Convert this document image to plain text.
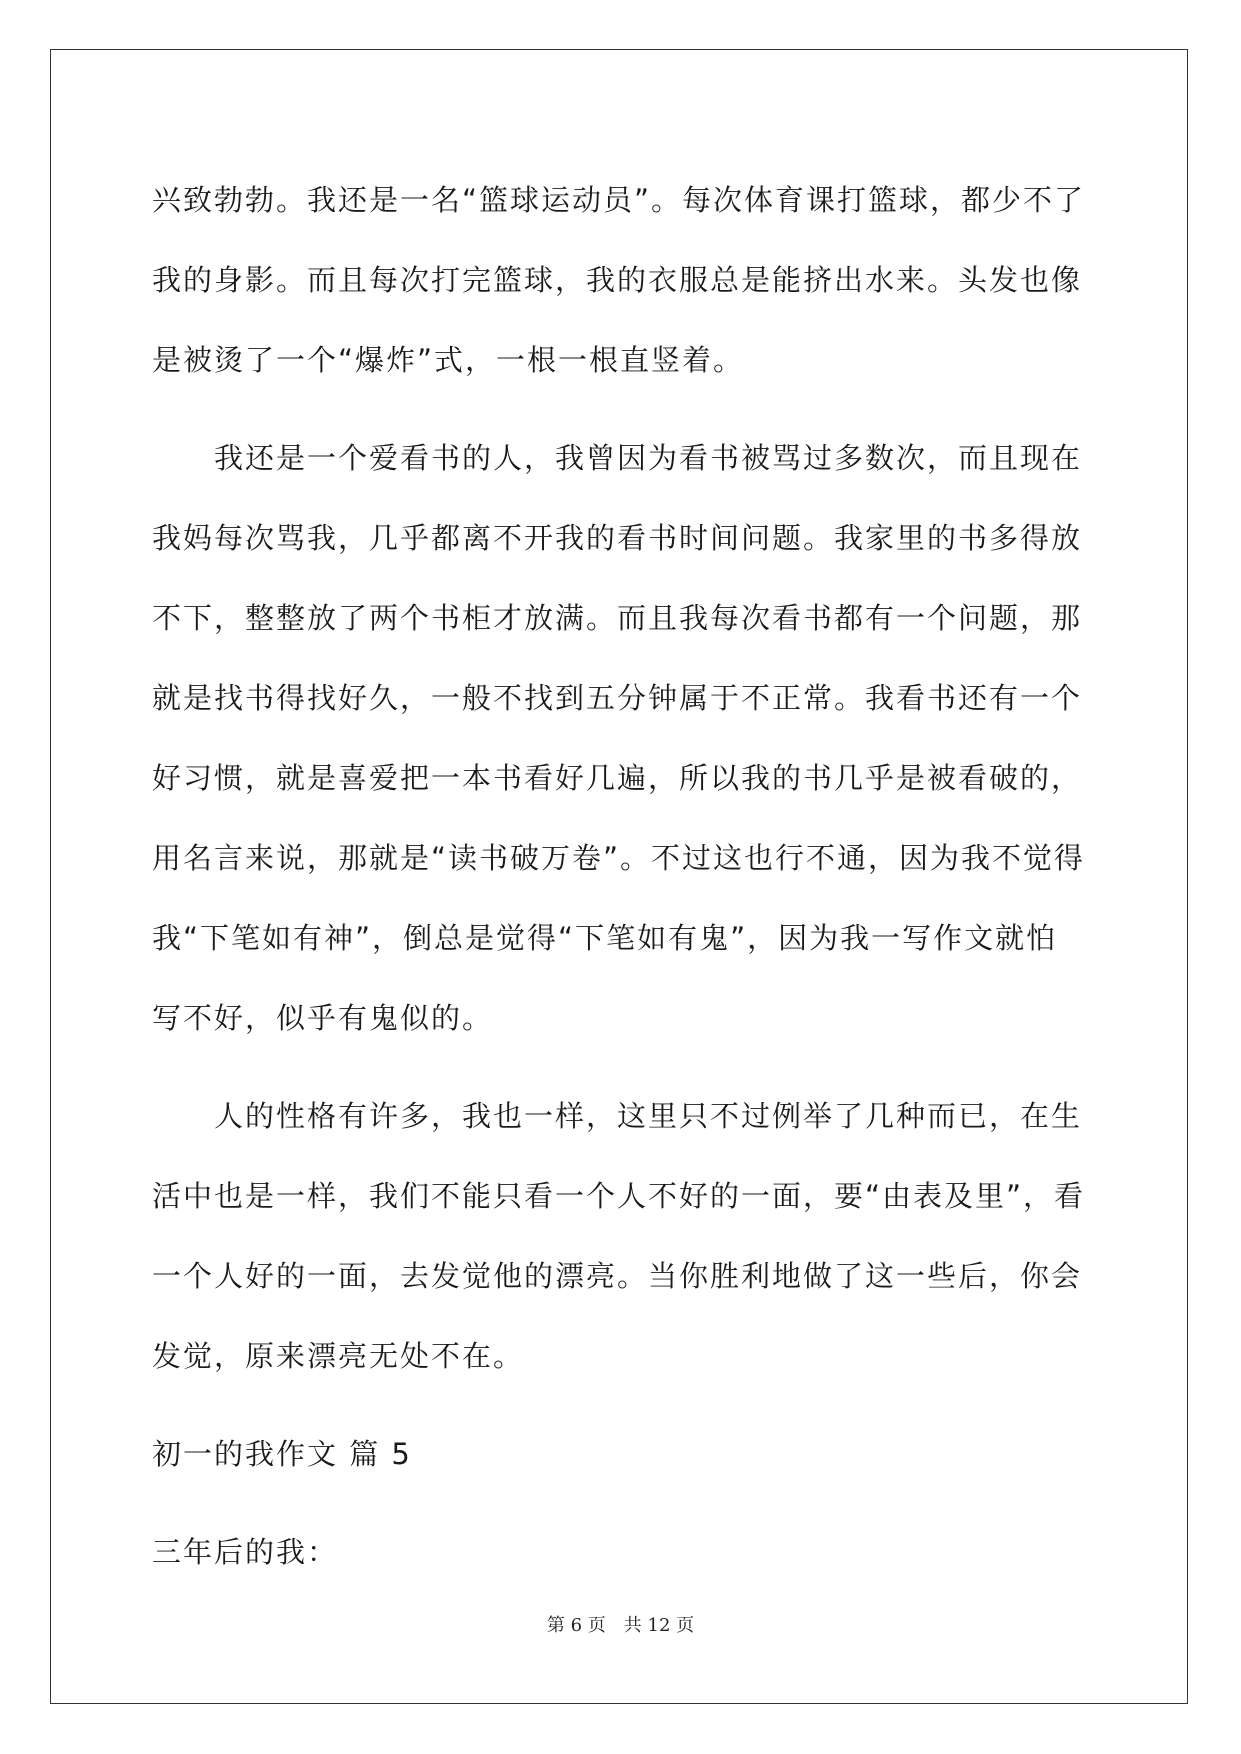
兴致勃勃。我还是一名“篮球运动员”。每次体育课打篮球，都少不了
我的身影。而且每次打完篮球，我的衣服总是能挤出水来。头发也像
是被烫了一个“爆炸”式，一根一根直竖着。
我还是一个爱看书的人，我曾因为看书被骂过多数次，而且现在
我妈每次骂我，几乎都离不开我的看书时间问题。我家里的书多得放
不下，整整放了两个书柜才放满。而且我每次看书都有一个问题，那
就是找书得找好久，一般不找到五分钟属于不正常。我看书还有一个
好习惯，就是喜爱把一本书看好几遍，所以我的书几乎是被看破的，
用名言来说，那就是“读书破万卷”。不过这也行不通，因为我不觉得
我“下笔如有神”，倒总是觉得“下笔如有鬼”，因为我一写作文就怕
写不好，似乎有鬼似的。
人的性格有许多，我也一样，这里只不过例举了几种而已，在生
活中也是一样，我们不能只看一个人不好的一面，要“由表及里”，看
一个人好的一面，去发觉他的漂亮。当你胜利地做了这一些后，你会
发觉，原来漂亮无处不在。
初一的我作文 篇 5
三年后的我：
第 6 页 共 12 页
